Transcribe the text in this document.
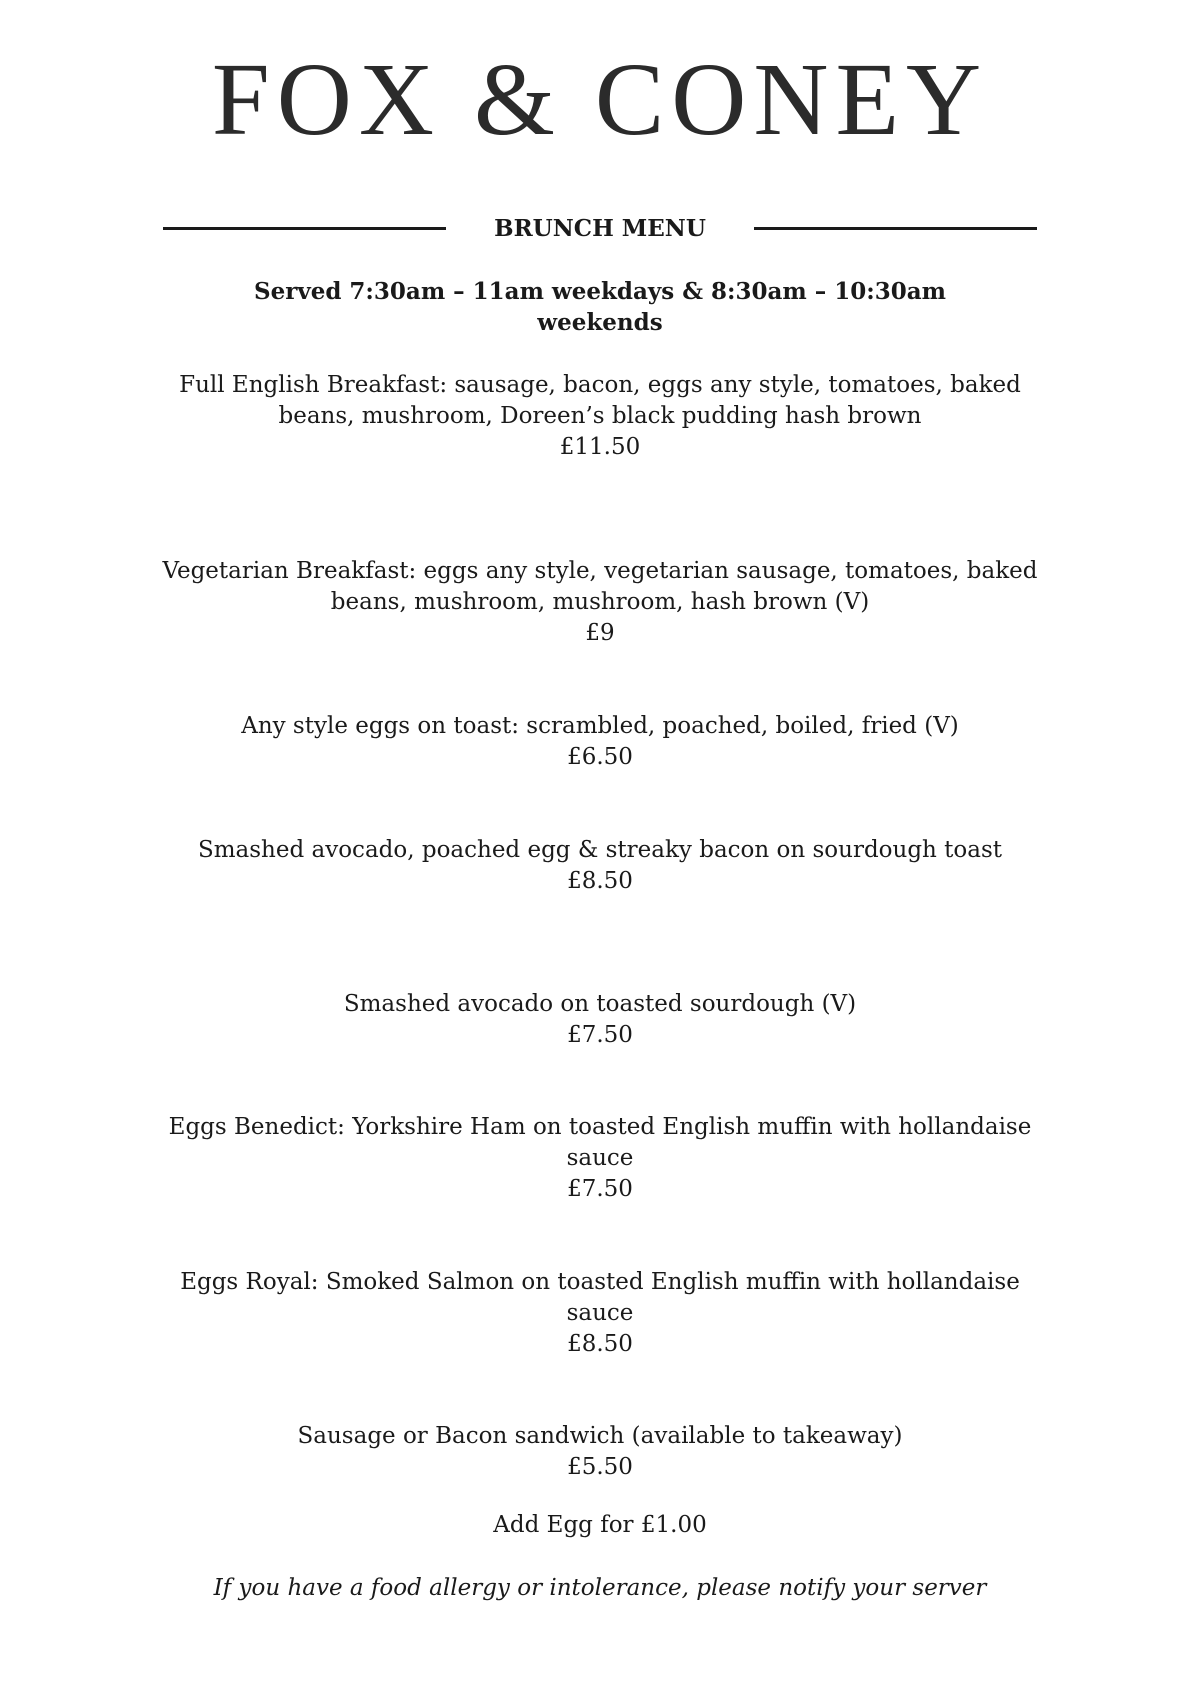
FOX & CONEY
BRUNCH MENU
Served 7:30am – 11am weekdays & 8:30am – 10:30am weekends
Full English Breakfast: sausage, bacon, eggs any style, tomatoes, baked beans, mushroom, Doreen’s black pudding hash brown
£11.50
Vegetarian Breakfast: eggs any style, vegetarian sausage, tomatoes, baked beans, mushroom, mushroom, hash brown (V)
£9
Any style eggs on toast: scrambled, poached, boiled, fried (V)
£6.50
Smashed avocado, poached egg & streaky bacon on sourdough toast
£8.50
Smashed avocado on toasted sourdough (V)
£7.50
Eggs Benedict: Yorkshire Ham on toasted English muffin with hollandaise sauce
£7.50
Eggs Royal: Smoked Salmon on toasted English muffin with hollandaise sauce
£8.50
Sausage or Bacon sandwich (available to takeaway)
£5.50
Add Egg for £1.00
If you have a food allergy or intolerance, please notify your server
